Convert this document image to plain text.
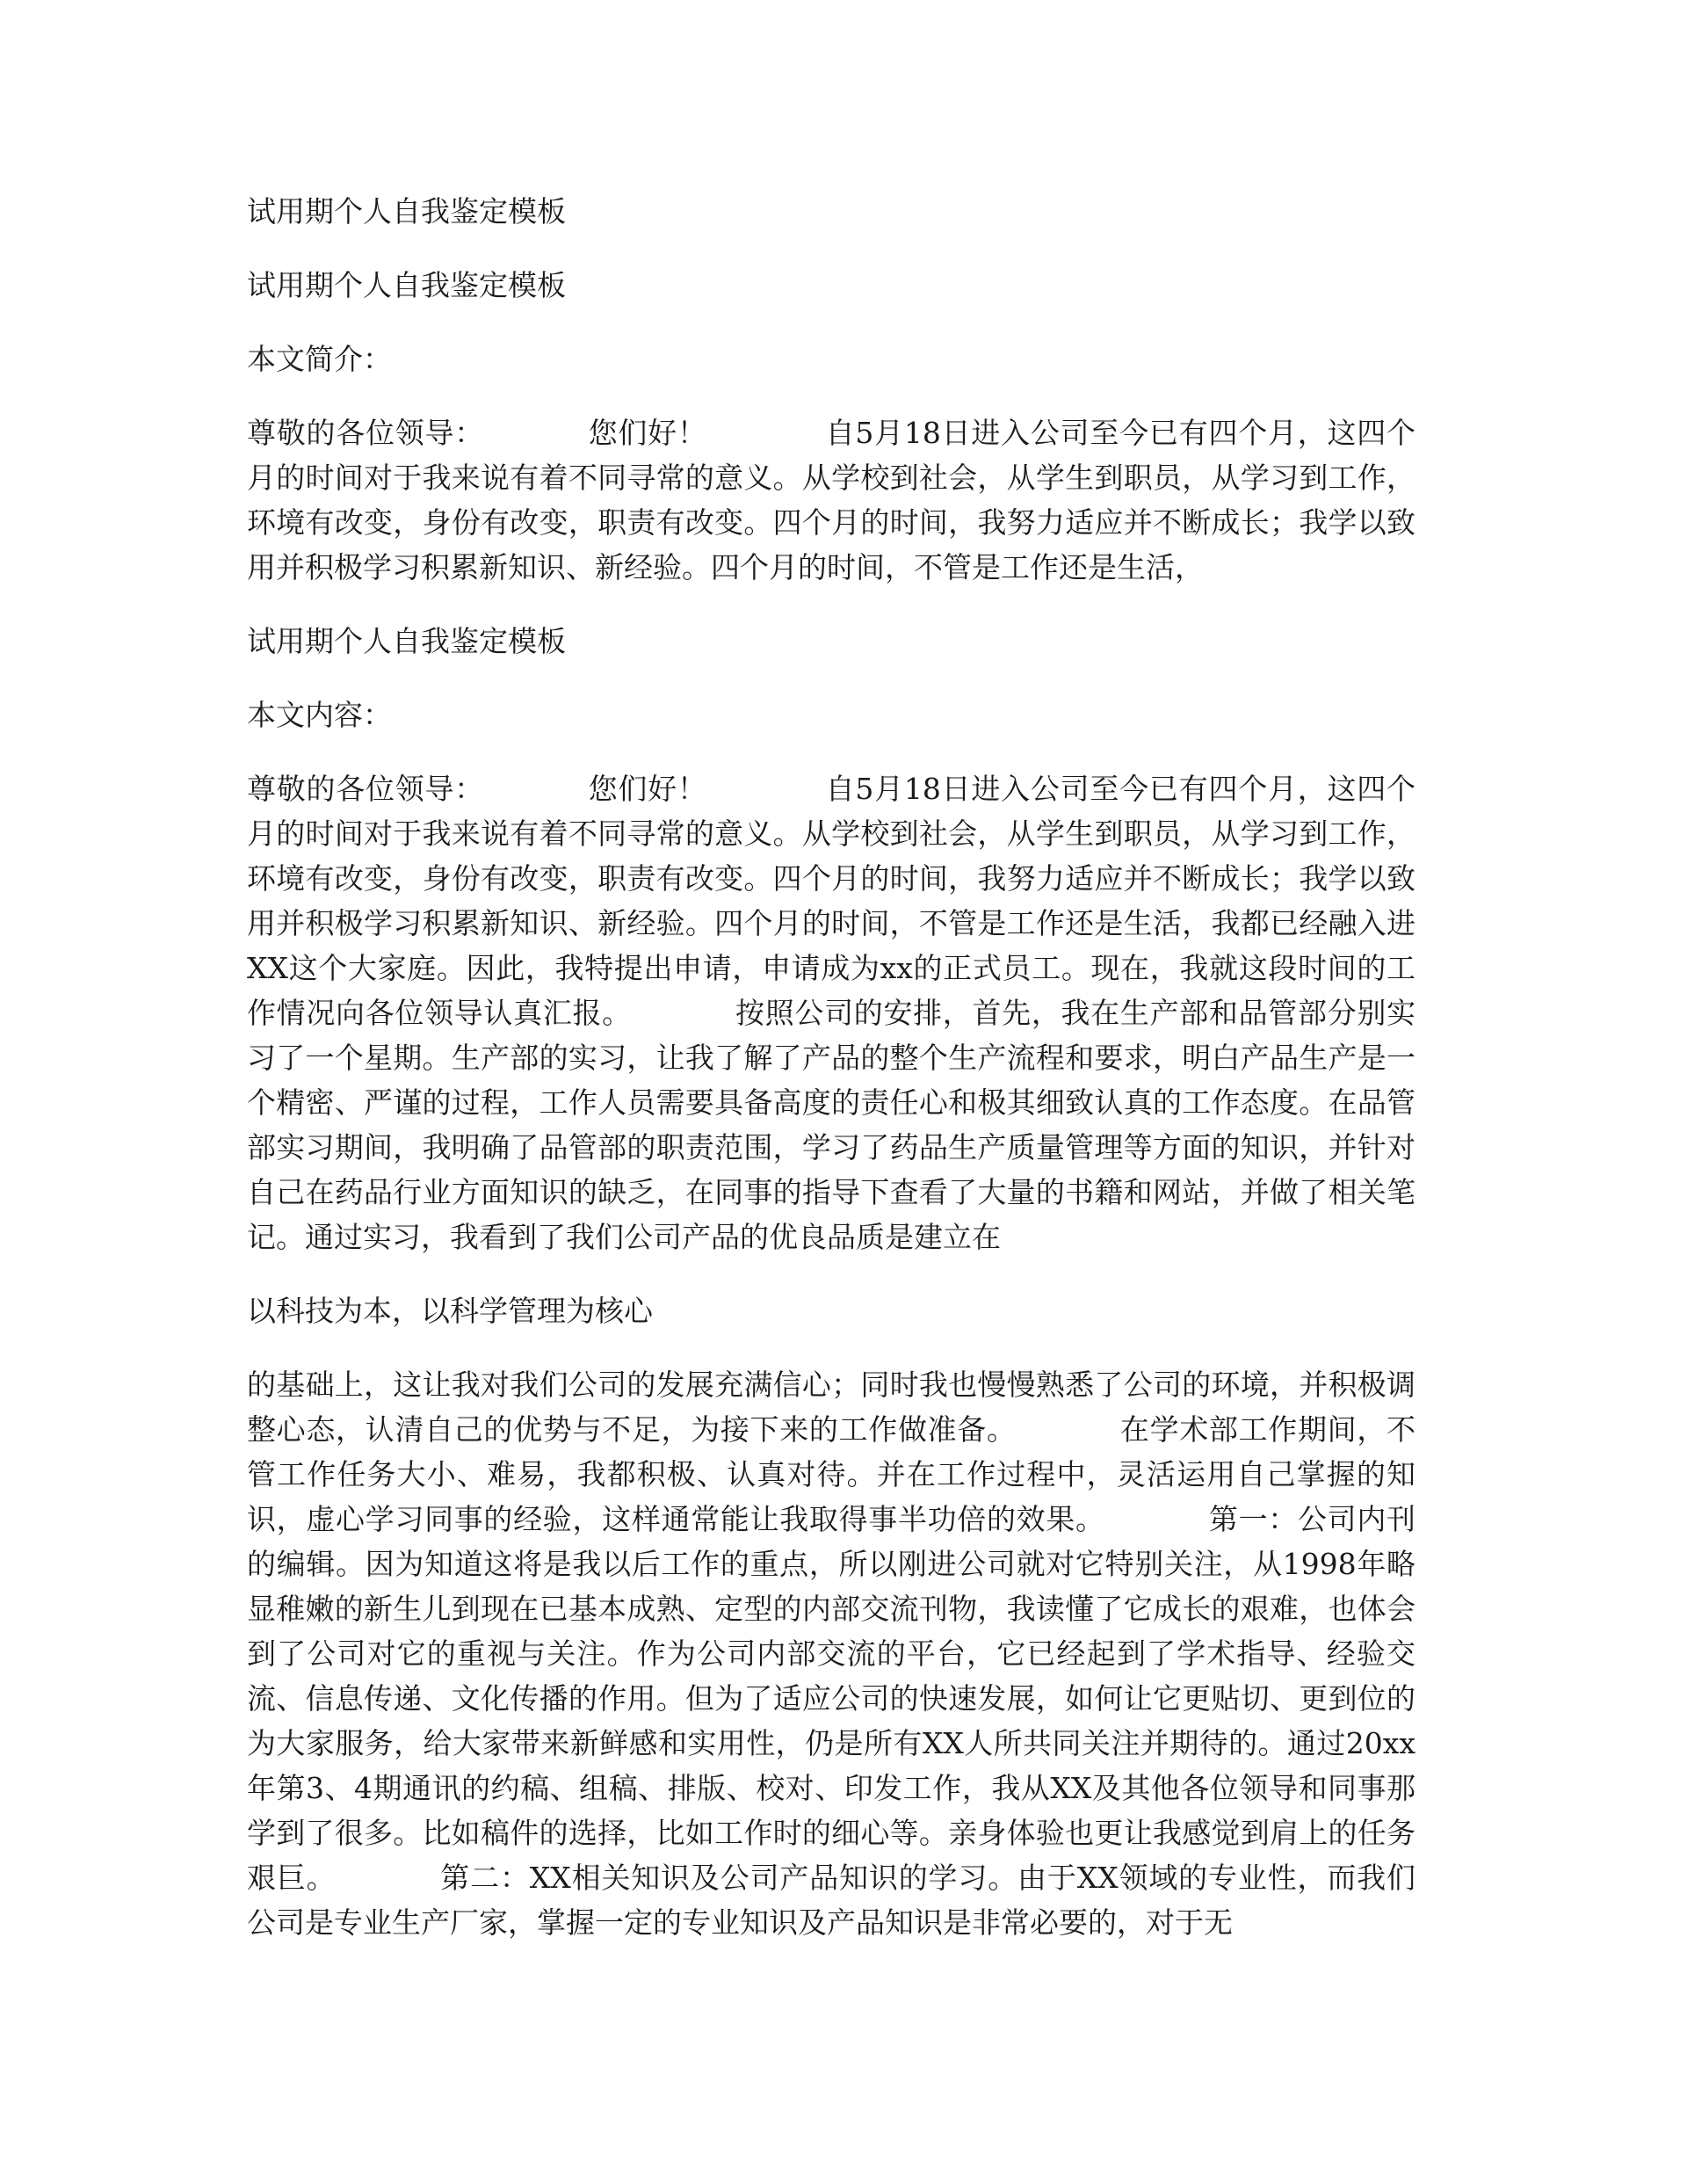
试用期个人自我鉴定模板

试用期个人自我鉴定模板

本文简介：

尊敬的各位领导：　　　　您们好！　　　　自5月18日进入公司至今已有四个月，这四个月的时间对于我来说有着不同寻常的意义。从学校到社会，从学生到职员，从学习到工作，环境有改变，身份有改变，职责有改变。四个月的时间，我努力适应并不断成长；我学以致用并积极学习积累新知识、新经验。四个月的时间，不管是工作还是生活，

试用期个人自我鉴定模板

本文内容：

尊敬的各位领导：　　　　您们好！　　　　自5月18日进入公司至今已有四个月，这四个月的时间对于我来说有着不同寻常的意义。从学校到社会，从学生到职员，从学习到工作，环境有改变，身份有改变，职责有改变。四个月的时间，我努力适应并不断成长；我学以致用并积极学习积累新知识、新经验。四个月的时间，不管是工作还是生活，我都已经融入进XX这个大家庭。因此，我特提出申请，申请成为xx的正式员工。现在，我就这段时间的工作情况向各位领导认真汇报。　　　　按照公司的安排，首先，我在生产部和品管部分别实习了一个星期。生产部的实习，让我了解了产品的整个生产流程和要求，明白产品生产是一个精密、严谨的过程，工作人员需要具备高度的责任心和极其细致认真的工作态度。在品管部实习期间，我明确了品管部的职责范围，学习了药品生产质量管理等方面的知识，并针对自己在药品行业方面知识的缺乏，在同事的指导下查看了大量的书籍和网站，并做了相关笔记。通过实习，我看到了我们公司产品的优良品质是建立在

以科技为本，以科学管理为核心

的基础上，这让我对我们公司的发展充满信心；同时我也慢慢熟悉了公司的环境，并积极调整心态，认清自己的优势与不足，为接下来的工作做准备。　　　　在学术部工作期间，不管工作任务大小、难易，我都积极、认真对待。并在工作过程中，灵活运用自己掌握的知识，虚心学习同事的经验，这样通常能让我取得事半功倍的效果。　　　　第一：公司内刊的编辑。因为知道这将是我以后工作的重点，所以刚进公司就对它特别关注，从1998年略显稚嫩的新生儿到现在已基本成熟、定型的内部交流刊物，我读懂了它成长的艰难，也体会到了公司对它的重视与关注。作为公司内部交流的平台，它已经起到了学术指导、经验交流、信息传递、文化传播的作用。但为了适应公司的快速发展，如何让它更贴切、更到位的为大家服务，给大家带来新鲜感和实用性，仍是所有XX人所共同关注并期待的。通过20xx年第3、4期通讯的约稿、组稿、排版、校对、印发工作，我从XX及其他各位领导和同事那学到了很多。比如稿件的选择，比如工作时的细心等。亲身体验也更让我感觉到肩上的任务艰巨。　　　　第二：XX相关知识及公司产品知识的学习。由于XX领域的专业性，而我们公司是专业生产厂家，掌握一定的专业知识及产品知识是非常必要的，对于无
